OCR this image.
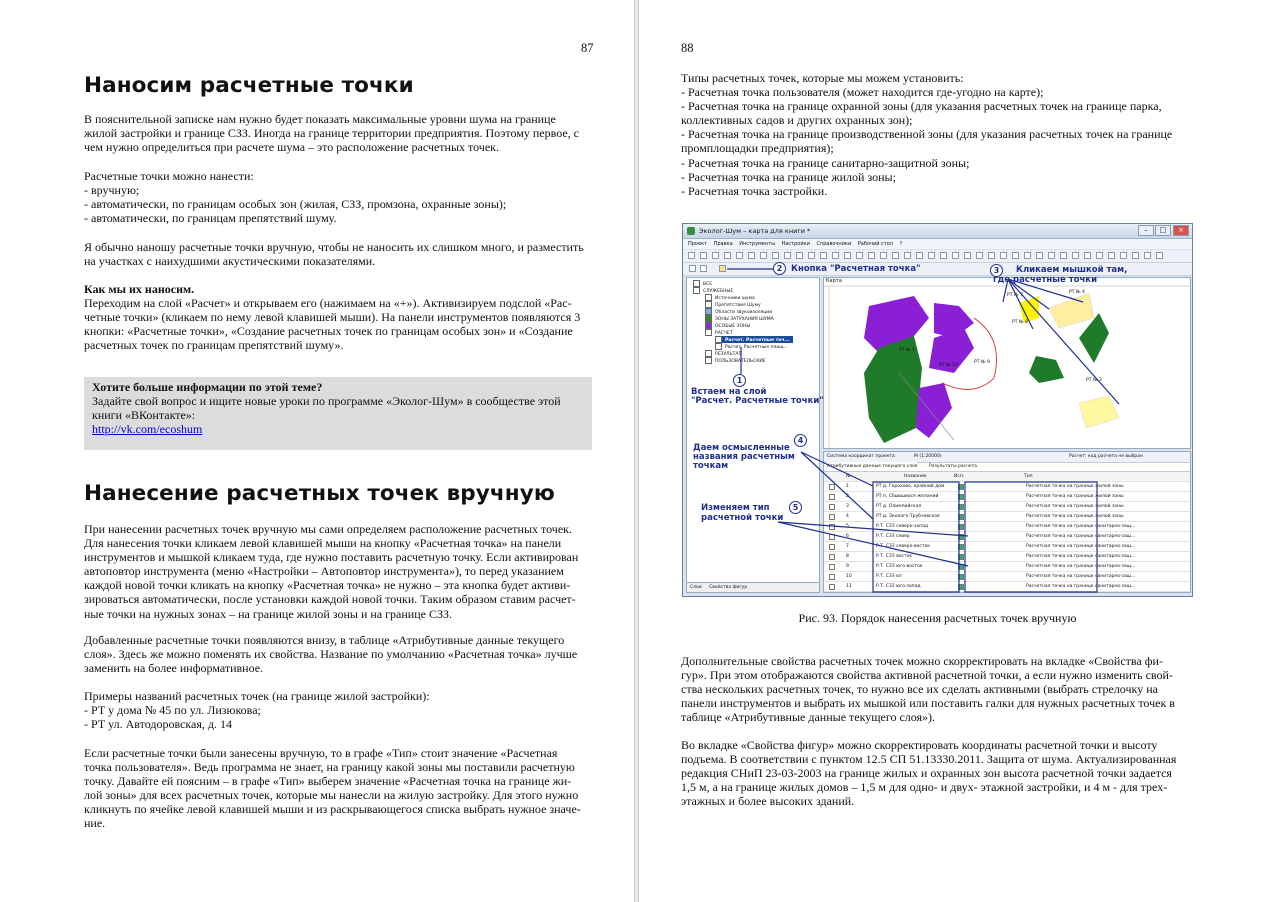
87
Наносим расчетные точки
В пояснительной записке нам нужно будет показать максимальные уровни шума на границе
жилой застройки и границе СЗЗ. Иногда на границе территории предприятия. Поэтому первое, с
чем нужно определиться при расчете шума – это расположение расчетных точек.
Расчетные точки можно нанести:
- вручную;
- автоматически, по границам особых зон (жилая, СЗЗ, промзона, охранные зоны);
- автоматически, по границам препятствий шуму.
Я обычно наношу расчетные точки вручную, чтобы не наносить их слишком много, и разместить
на участках с наихудшими акустическими показателями.
Как мы их наносим.
Переходим на слой «Расчет» и открываем его (нажимаем на «+»). Активизируем подслой «Рас-
четные точки» (кликаем по нему левой клавишей мыши). На панели инструментов появляются 3
кнопки: «Расчетные точки», «Создание расчетных точек по границам особых зон» и «Создание
расчетных точек по границам препятствий шуму».
Хотите больше информации по этой теме?
Задайте свой вопрос и ищите новые уроки по программе «Эколог-Шум» в сообществе этой
книги «ВКонтакте»:
http://vk.com/ecoshum
Нанесение расчетных точек вручную
При нанесении расчетных точек вручную мы сами определяем расположение расчетных точек.
Для нанесения точки кликаем левой клавишей мыши на кнопку «Расчетная точка» на панели
инструментов и мышкой кликаем туда, где нужно поставить расчетную точку. Если активирован
автоповтор инструмента (меню «Настройки – Автоповтор инструмента»), то перед указанием
каждой новой точки кликать на кнопку «Расчетная точка» не нужно – эта кнопка будет активи-
зироваться автоматически, после установки каждой новой точки. Таким образом ставим расчет-
ные точки на нужных зонах – на границе жилой зоны и на границе СЗЗ.
Добавленные расчетные точки появляются внизу, в таблице «Атрибутивные данные текущего
слоя». Здесь же можно поменять их свойства. Название по умолчанию «Расчетная точка» лучше
заменить на более информативное.
Примеры названий расчетных точек (на границе жилой застройки):
- РТ у дома № 45 по ул. Лизюкова;
- РТ ул. Автодоровская, д. 14
Если расчетные точки были занесены вручную, то в графе «Тип» стоит значение «Расчетная
точка пользователя». Ведь программа не знает, на границу какой зоны мы поставили расчетную
точку. Давайте ей поясним – в графе «Тип» выберем значение «Расчетная точка на границе жи-
лой зоны» для всех расчетных точек, которые мы нанесли на жилую застройку. Для этого нужно
кликнуть по ячейке левой клавишей мыши и из раскрывающегося списка выбрать нужное значе-
ние.
88
Типы расчетных точек, которые мы можем установить:
- Расчетная точка пользователя (может находится где-угодно на карте);
- Расчетная точка на границе охранной зоны (для указания расчетных точек на границе парка,
коллективных садов и других охранных зон);
- Расчетная точка на границе производственной зоны (для указания расчетных точек на границе
промплощадки предприятия);
- Расчетная точка на границе санитарно-защитной зоны;
- Расчетная точка на границе жилой зоны;
- Расчетная точка застройки.
Дополнительные свойства расчетных точек можно скорректировать на вкладке «Свойства фи-
гур». При этом отображаются свойства активной расчетной точки, а если нужно изменить свой-
ства нескольких расчетных точек, то нужно все их сделать активными (выбрать стрелочку на
панели инструментов и выбрать их мышкой или поставить галки для нужных расчетных точек в
таблице «Атрибутивные данные текущего слоя»).
Во вкладке «Свойства фигур» можно скорректировать координаты расчетной точки и высоту
подъема. В соответствии с пунктом 12.5 СП 51.13330.2011. Защита от шума. Актуализированная
редакция СНиП 23-03-2003 на границе жилых и охранных зон высота расчетной точки задается
1,5 м, а на границе жилых домов – 1,5 м для одно- и двух- этажной застройки, и 4 м - для трех-
этажных и более высоких зданий.
Эколог-Шум – карта для книги *	–	□	×
Проект Правка Инструменты Настройки Справочники Рабочий стол ?
ВСЕ
СЛУЖЕБНЫЕ
Источники шума
Препятствия Шуму
Области звукоизоляции
ЗОНЫ ЗАТУХАНИЯ ШУМА
ОСОБЫЕ ЗОНЫ
РАСЧЕТ
Расчет. Расчетные точ...
Расчет. Расчетные площ...
РЕЗУЛЬТАТ
ПОЛЬЗОВАТЕЛЬСКИЕ
Слои Свойства фигур
Карта
РТ № 7
РТ № 4
РТ № 8
РТ № 10
РТ № 9
РТ № 3
РТ № 1
Система координат проекта	М (1:20000)	Расчет: код расчета не выбран
Атрибутивные данные текущего слоя	Результаты расчета
№	Название	Исп.	Тип
1	РТ д. Горохово, крайний дом	Расчетная точка на границе жилой зоны
2	РТ п. Сбывшихся желаний	Расчетная точка на границе жилой зоны
3	РТ д. Олимпийская	Расчетная точка на границе жилой зоны
4	РТ д. Эколого-Трубчевская	Расчетная точка на границе жилой зоны
5	Р.Т. СЗЗ северо-запад	Расчетная точка на границе санитарно-защ...
6	Р.Т. СЗЗ север	Расчетная точка на границе санитарно-защ...
7	Р.Т. СЗЗ северо-восток	Расчетная точка на границе санитарно-защ...
8	Р.Т. СЗЗ восток	Расчетная точка на границе санитарно-защ...
9	Р.Т. СЗЗ юго-восток	Расчетная точка на границе санитарно-защ...
10	Р.Т. СЗЗ юг	Расчетная точка на границе санитарно-защ...
11	Р.Т. СЗЗ юго-запад	Расчетная точка на границе санитарно-защ...
2	Кнопка "Расчетная точка"	3	Кликаем мышкой там,
где расчетные точки
1
Встаем на слой
"Расчет. Расчетные точки"
4
Даем осмысленные
названия расчетным
точкам
5
Изменяем тип
расчетной точки
Рис. 93. Порядок нанесения расчетных точек вручную
